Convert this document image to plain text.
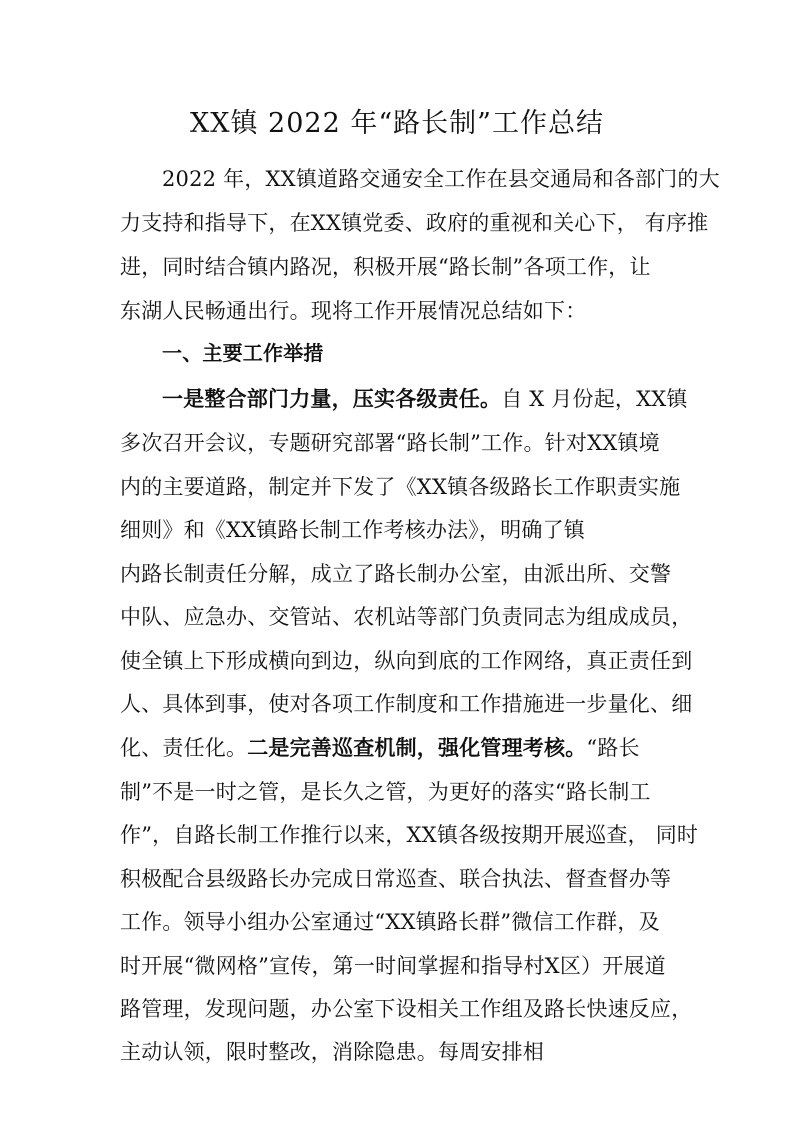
XX镇 2022 年“路长制”工作总结
2022 年，XX镇道路交通安全工作在县交通局和各部门的大
力支持和指导下，在XX镇党委、政府的重视和关心下， 有序推
进，同时结合镇内路况，积极开展“路长制”各项工作，让
东湖人民畅通出行。现将工作开展情况总结如下：
一、主要工作举措
一是整合部门力量，压实各级责任。自 X 月份起，XX镇
多次召开会议，专题研究部署“路长制”工作。针对XX镇境
内的主要道路，制定并下发了《XX镇各级路长工作职责实施
细则》和《XX镇路长制工作考核办法》，明确了镇
内路长制责任分解，成立了路长制办公室，由派出所、交警
中队、应急办、交管站、农机站等部门负责同志为组成成员，
使全镇上下形成横向到边，纵向到底的工作网络，真正责任到
人、具体到事，使对各项工作制度和工作措施进一步量化、细
化、责任化。二是完善巡查机制，强化管理考核。“路长
制”不是一时之管，是长久之管，为更好的落实“路长制工
作”，自路长制工作推行以来，XX镇各级按期开展巡查， 同时
积极配合县级路长办完成日常巡查、联合执法、督查督办等
工作。领导小组办公室通过“XX镇路长群”微信工作群，及
时开展“微网格”宣传，第一时间掌握和指导村X区）开展道
路管理，发现问题，办公室下设相关工作组及路长快速反应，
主动认领，限时整改，消除隐患。每周安排相
